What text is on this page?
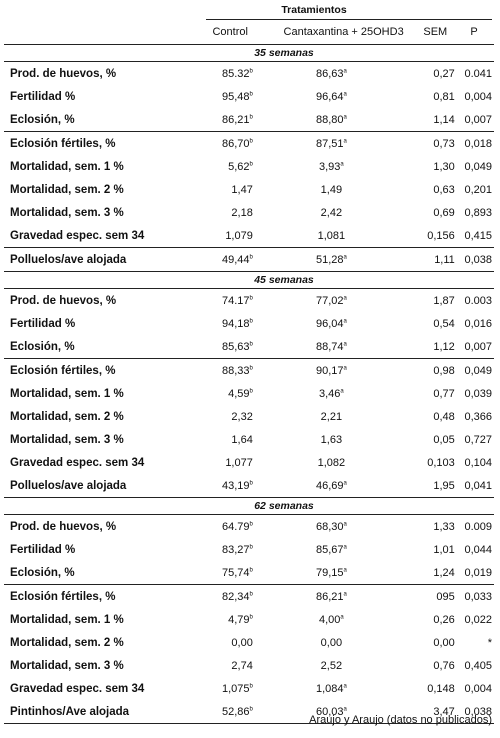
Tratamientos
Control	Cantaxantina + 25OHD3	SEM	P
35 semanas
Prod. de huevos, %	85.32$^b$	86,63$^a$	0,27 0.041
Fertilidad %	95,48$^b$	96,64$^a$	0,81 0,004
Eclosión, %	86,21$^b$	88,80$^a$	1,14 0,007
Eclosión fértiles, %	86,70$^b$	87,51$^a$	0,73 0,018
Mortalidad, sem. 1 %	5,62$^b$	3,93$^a$	1,30 0,049
Mortalidad, sem. 2 %	1,47	1,49	0,63 0,201
Mortalidad, sem. 3 %	2,18	2,42	0,69 0,893
Gravedad espec. sem 34	1,079	1,081	0,156 0,415
Polluelos/ave alojada	49,44$^b$	51,28$^a$	1,11 0,038
45 semanas
Prod. de huevos, %	74.17$^b$	77,02$^a$	1,87 0.003
Fertilidad %	94,18$^b$	96,04$^a$	0,54 0,016
Eclosión, %	85,63$^b$	88,74$^a$	1,12 0,007
Eclosión fértiles, %	88,33$^b$	90,17$^a$	0,98 0,049
Mortalidad, sem. 1 %	4,59$^b$	3,46$^a$	0,77 0,039
Mortalidad, sem. 2 %	2,32	2,21	0,48 0,366
Mortalidad, sem. 3 %	1,64	1,63	0,05 0,727
Gravedad espec. sem 34	1,077	1,082	0,103 0,104
Polluelos/ave alojada	43,19$^b$	46,69$^a$	1,95 0,041
62 semanas
Prod. de huevos, %	64.79$^b$	68,30$^a$	1,33 0.009
Fertilidad %	83,27$^b$	85,67$^a$	1,01 0,044
Eclosión, %	75,74$^b$	79,15$^a$	1,24 0,019
Eclosión fértiles, %	82,34$^b$	86,21$^a$	095 0,033
Mortalidad, sem. 1 %	4,79$^b$	4,00$^a$	0,26 0,022
Mortalidad, sem. 2 %	0,00	0,00	0,00	*
Mortalidad, sem. 3 %	2,74	2,52	0,76 0,405
Gravedad espec. sem 34	1,075$^b$	1,084$^a$	0,148 0,004
Pintinhos/Ave alojada	52,86$^b$	60,03$^a$	3,47 0,038
Araujo y Araujo (datos no publicados)
